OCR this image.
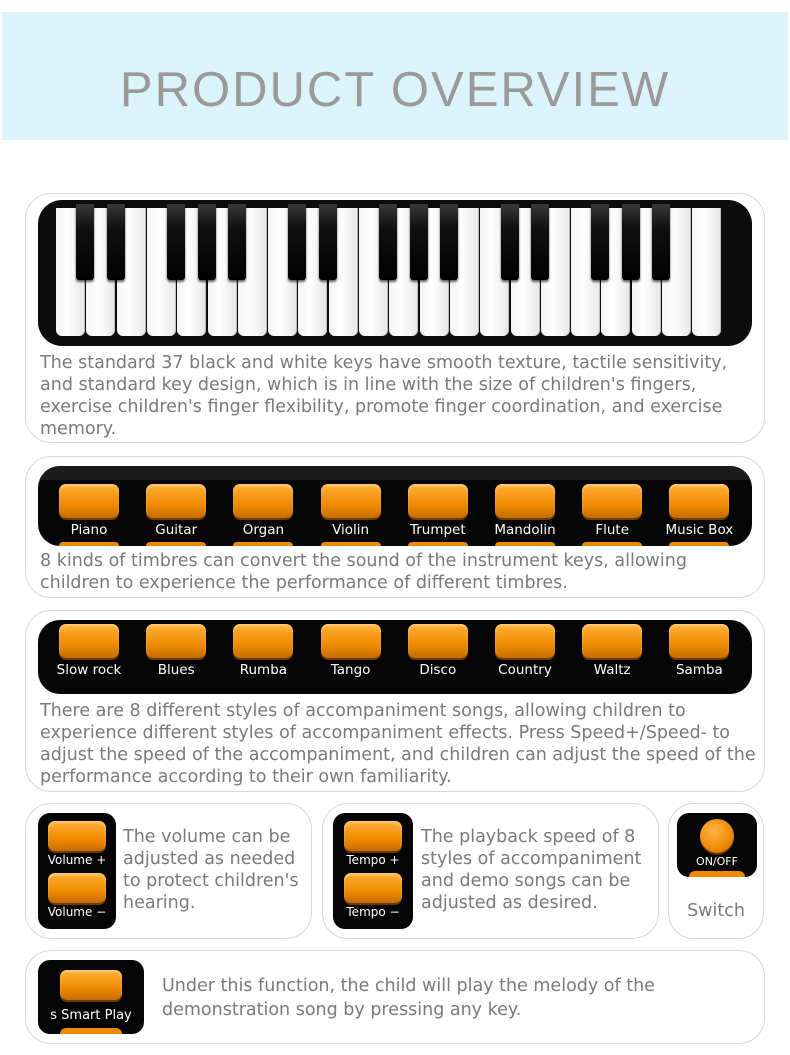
PRODUCT OVERVIEW
The standard 37 black and white keys have smooth texture, tactile sensitivity, and standard key design, which is in line with the size of children's fingers, exercise children's finger flexibility, promote finger coordination, and exercise memory.
Piano	Guitar	Organ	Violin	Trumpet	Mandolin	Flute	Music Box
8 kinds of timbres can convert the sound of the instrument keys, allowing children to experience the performance of different timbres.
Slow rock	Blues	Rumba	Tango	Disco	Country	Waltz	Samba
There are 8 different styles of accompaniment songs, allowing children to experience different styles of accompaniment effects. Press Speed+/Speed- to adjust the speed of the accompaniment, and children can adjust the speed of the performance according to their own familiarity.
Volume +
Volume −
The volume can be adjusted as needed to protect children's hearing.
Tempo +
Tempo −
The playback speed of 8 styles of accompaniment and demo songs can be adjusted as desired.
ON/OFF
Switch
s Smart Play
Under this function, the child will play the melody of the demonstration song by pressing any key.
